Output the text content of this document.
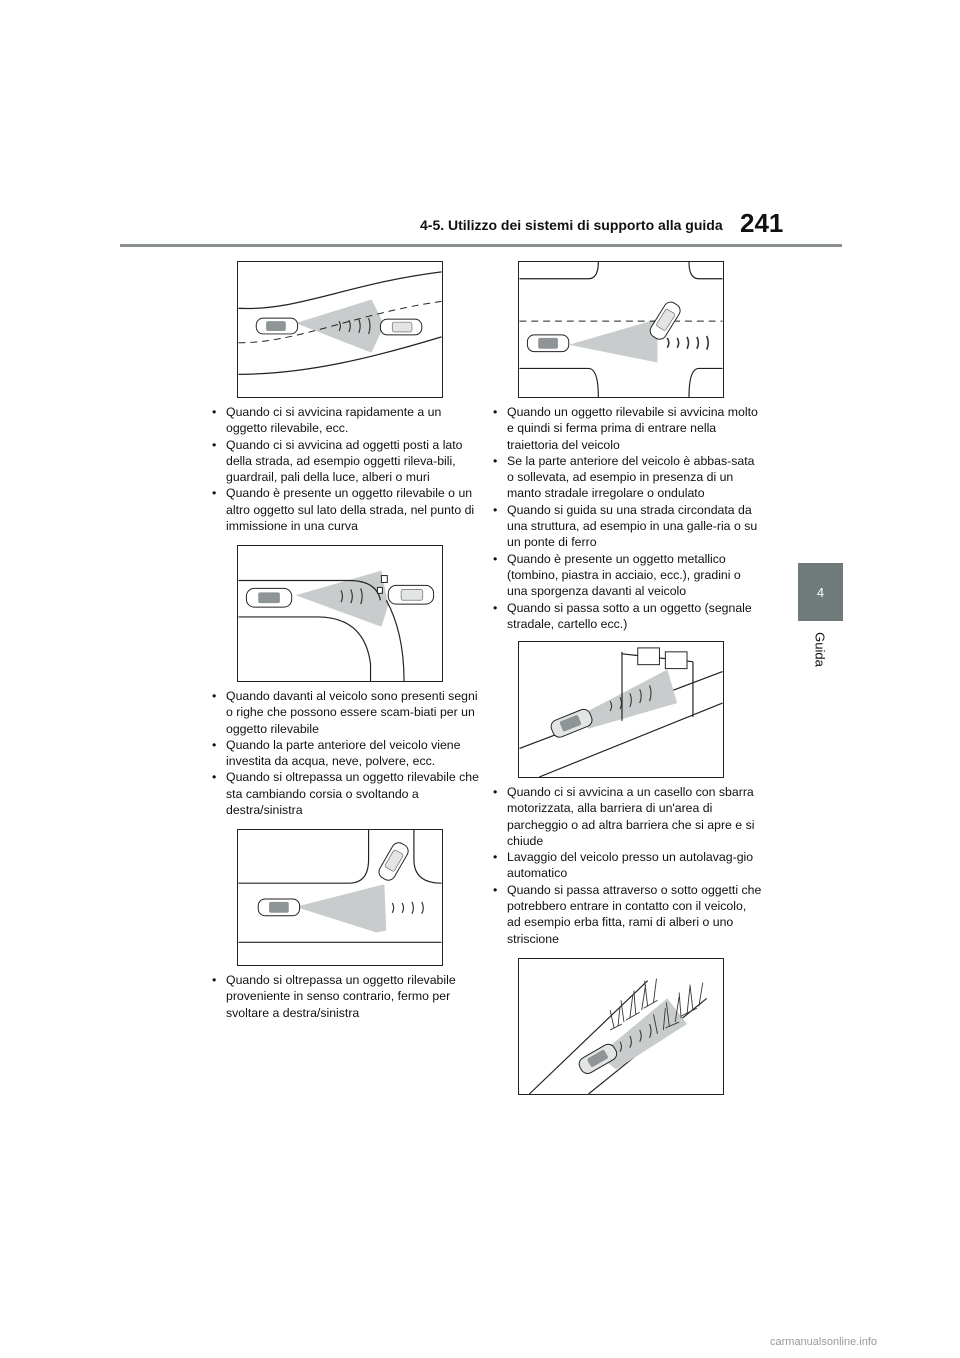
4-5. Utilizzo dei sistemi di supporto alla guida 241
4
Guida
• Quando ci si avvicina rapidamente a un oggetto rilevabile, ecc.
• Quando ci si avvicina ad oggetti posti a lato della strada, ad esempio oggetti rileva-bili, guardrail, pali della luce, alberi o muri
• Quando è presente un oggetto rilevabile o un altro oggetto sul lato della strada, nel punto di immissione in una curva
• Quando davanti al veicolo sono presenti segni o righe che possono essere scam-biati per un oggetto rilevabile
• Quando la parte anteriore del veicolo viene investita da acqua, neve, polvere, ecc.
• Quando si oltrepassa un oggetto rilevabile che sta cambiando corsia o svoltando a destra/sinistra
• Quando si oltrepassa un oggetto rilevabile proveniente in senso contrario, fermo per svoltare a destra/sinistra
• Quando un oggetto rilevabile si avvicina molto e quindi si ferma prima di entrare nella traiettoria del veicolo
• Se la parte anteriore del veicolo è abbas-sata o sollevata, ad esempio in presenza di un manto stradale irregolare o ondulato
• Quando si guida su una strada circondata da una struttura, ad esempio in una galle-ria o su un ponte di ferro
• Quando è presente un oggetto metallico (tombino, piastra in acciaio, ecc.), gradini o una sporgenza davanti al veicolo
• Quando si passa sotto a un oggetto (segnale stradale, cartello ecc.)
• Quando ci si avvicina a un casello con sbarra motorizzata, alla barriera di un'area di parcheggio o ad altra barriera che si apre e si chiude
• Lavaggio del veicolo presso un autolavag-gio automatico
• Quando si passa attraverso o sotto oggetti che potrebbero entrare in contatto con il veicolo, ad esempio erba fitta, rami di alberi o uno striscione
carmanualsonline.info
